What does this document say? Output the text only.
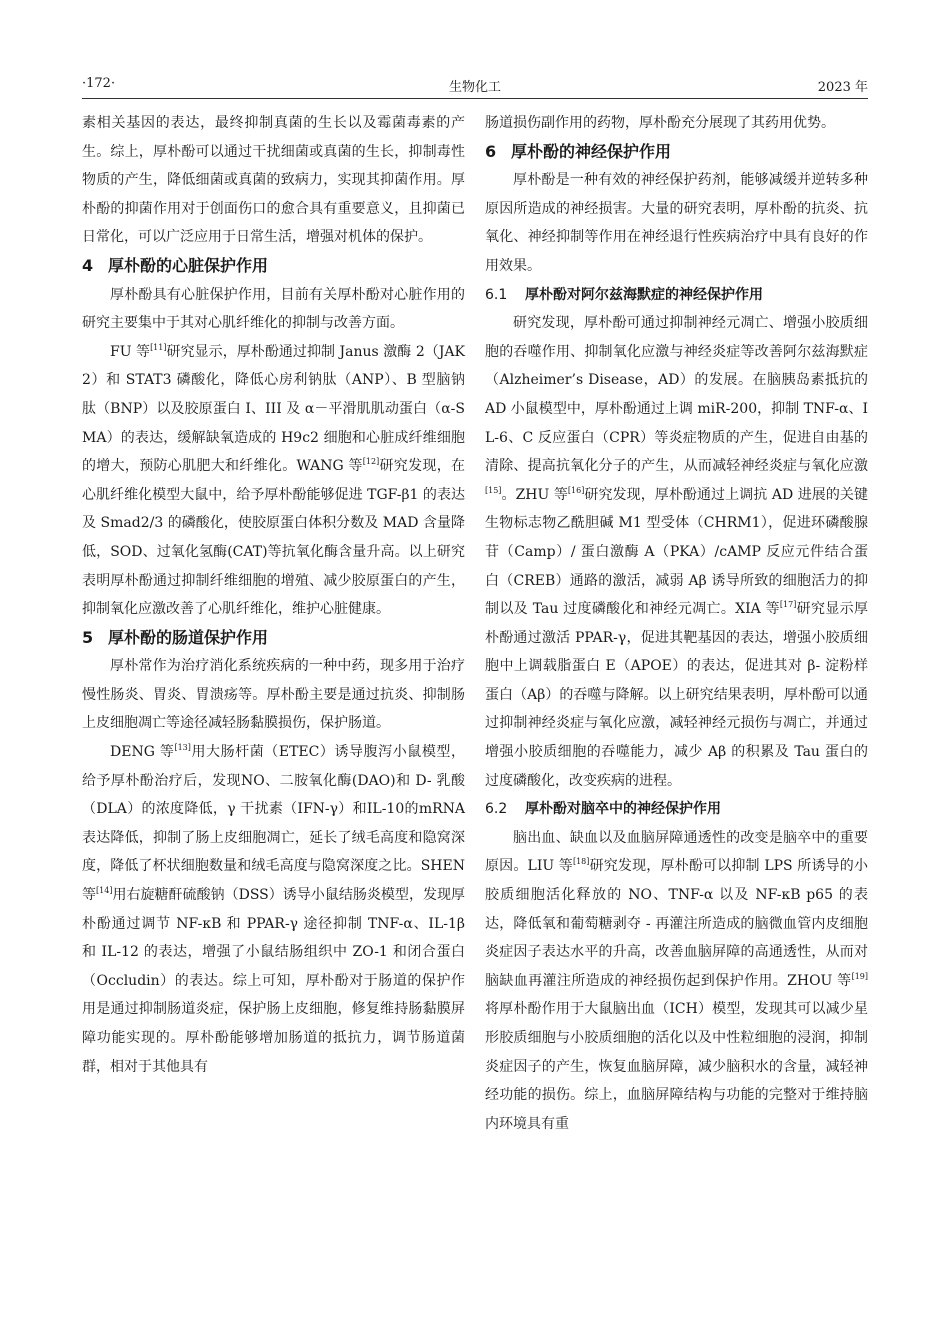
·172·	生物化工	2023 年

素相关基因的表达，最终抑制真菌的生长以及霉菌毒素的产生。综上，厚朴酚可以通过干扰细菌或真菌的生长，抑制毒性物质的产生，降低细菌或真菌的致病力，实现其抑菌作用。厚朴酚的抑菌作用对于创面伤口的愈合具有重要意义，且抑菌已日常化，可以广泛应用于日常生活，增强对机体的保护。

4 厚朴酚的心脏保护作用

厚朴酚具有心脏保护作用，目前有关厚朴酚对心脏作用的研究主要集中于其对心肌纤维化的抑制与改善方面。

FU 等[11]研究显示，厚朴酚通过抑制 Janus 激酶 2（JAK2）和 STAT3 磷酸化，降低心房利钠肽（ANP）、B 型脑钠肽（BNP）以及胶原蛋白 I、III 及 α－平滑肌肌动蛋白（α-SMA）的表达，缓解缺氧造成的 H9c2 细胞和心脏成纤维细胞的增大，预防心肌肥大和纤维化。WANG 等[12]研究发现，在心肌纤维化模型大鼠中，给予厚朴酚能够促进 TGF-β1 的表达及 Smad2/3 的磷酸化，使胶原蛋白体积分数及 MAD 含量降低，SOD、过氧化氢酶(CAT)等抗氧化酶含量升高。以上研究表明厚朴酚通过抑制纤维细胞的增殖、减少胶原蛋白的产生，抑制氧化应激改善了心肌纤维化，维护心脏健康。

5 厚朴酚的肠道保护作用

厚朴常作为治疗消化系统疾病的一种中药，现多用于治疗慢性肠炎、胃炎、胃溃疡等。厚朴酚主要是通过抗炎、抑制肠上皮细胞凋亡等途径减轻肠黏膜损伤，保护肠道。

DENG 等[13]用大肠杆菌（ETEC）诱导腹泻小鼠模型，给予厚朴酚治疗后，发现NO、二胺氧化酶(DAO)和 D- 乳酸（DLA）的浓度降低，γ 干扰素（IFN-γ）和IL-10的mRNA表达降低，抑制了肠上皮细胞凋亡，延长了绒毛高度和隐窝深度，降低了杯状细胞数量和绒毛高度与隐窝深度之比。SHEN 等[14]用右旋糖酐硫酸钠（DSS）诱导小鼠结肠炎模型，发现厚朴酚通过调节 NF-κB 和 PPAR-γ 途径抑制 TNF-α、IL-1β 和 IL-12 的表达，增强了小鼠结肠组织中 ZO-1 和闭合蛋白（Occludin）的表达。综上可知，厚朴酚对于肠道的保护作用是通过抑制肠道炎症，保护肠上皮细胞，修复维持肠黏膜屏障功能实现的。厚朴酚能够增加肠道的抵抗力，调节肠道菌群，相对于其他具有

肠道损伤副作用的药物，厚朴酚充分展现了其药用优势。

6 厚朴酚的神经保护作用

厚朴酚是一种有效的神经保护药剂，能够减缓并逆转多种原因所造成的神经损害。大量的研究表明，厚朴酚的抗炎、抗氧化、神经抑制等作用在神经退行性疾病治疗中具有良好的作用效果。

6.1 厚朴酚对阿尔兹海默症的神经保护作用

研究发现，厚朴酚可通过抑制神经元凋亡、增强小胶质细胞的吞噬作用、抑制氧化应激与神经炎症等改善阿尔兹海默症（Alzheimer’s Disease，AD）的发展。在脑胰岛素抵抗的 AD 小鼠模型中，厚朴酚通过上调 miR-200，抑制 TNF-α、IL-6、C 反应蛋白（CPR）等炎症物质的产生，促进自由基的清除、提高抗氧化分子的产生，从而减轻神经炎症与氧化应激[15]。ZHU 等[16]研究发现，厚朴酚通过上调抗 AD 进展的关键生物标志物乙酰胆碱 M1 型受体（CHRM1），促进环磷酸腺苷（Camp）/ 蛋白激酶 A（PKA）/cAMP 反应元件结合蛋白（CREB）通路的激活，减弱 Aβ 诱导所致的细胞活力的抑制以及 Tau 过度磷酸化和神经元凋亡。XIA 等[17]研究显示厚朴酚通过激活 PPAR-γ，促进其靶基因的表达，增强小胶质细胞中上调载脂蛋白 E（APOE）的表达，促进其对 β- 淀粉样蛋白（Aβ）的吞噬与降解。以上研究结果表明，厚朴酚可以通过抑制神经炎症与氧化应激，减轻神经元损伤与凋亡，并通过增强小胶质细胞的吞噬能力，减少 Aβ 的积累及 Tau 蛋白的过度磷酸化，改变疾病的进程。

6.2 厚朴酚对脑卒中的神经保护作用

脑出血、缺血以及血脑屏障通透性的改变是脑卒中的重要原因。LIU 等[18]研究发现，厚朴酚可以抑制 LPS 所诱导的小胶质细胞活化释放的 NO、TNF-α 以及 NF-κB p65 的表达，降低氧和葡萄糖剥夺 - 再灌注所造成的脑微血管内皮细胞炎症因子表达水平的升高，改善血脑屏障的高通透性，从而对脑缺血再灌注所造成的神经损伤起到保护作用。ZHOU 等[19]将厚朴酚作用于大鼠脑出血（ICH）模型，发现其可以减少星形胶质细胞与小胶质细胞的活化以及中性粒细胞的浸润，抑制炎症因子的产生，恢复血脑屏障，减少脑积水的含量，减轻神经功能的损伤。综上，血脑屏障结构与功能的完整对于维持脑内环境具有重
